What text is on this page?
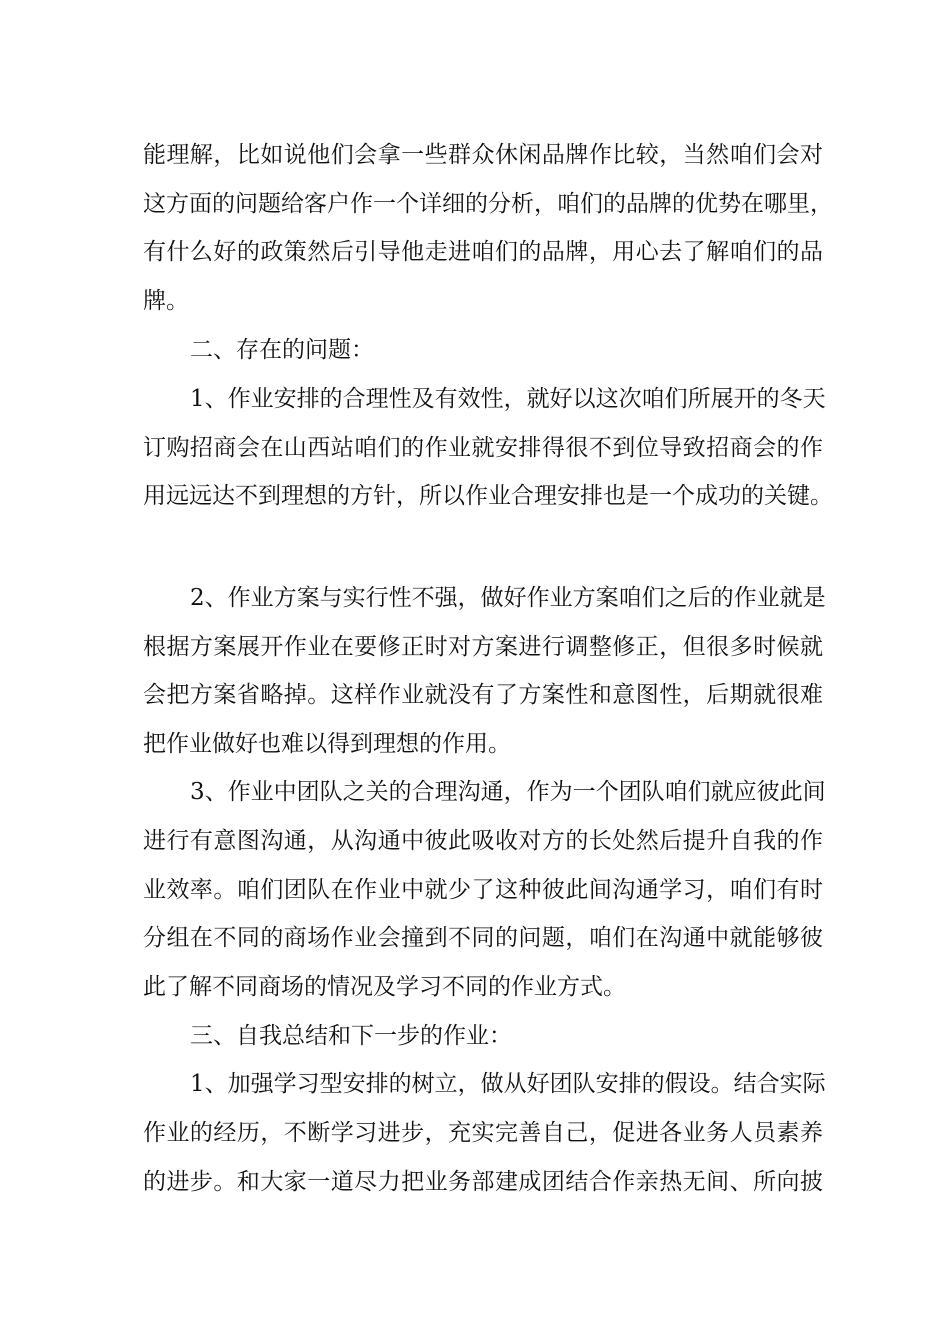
能理解，比如说他们会拿一些群众休闲品牌作比较，当然咱们会对
这方面的问题给客户作一个详细的分析，咱们的品牌的优势在哪里，
有什么好的政策然后引导他走进咱们的品牌，用心去了解咱们的品
牌。
二、存在的问题：
1、作业安排的合理性及有效性，就好以这次咱们所展开的冬天
订购招商会在山西站咱们的作业就安排得很不到位导致招商会的作
用远远达不到理想的方针，所以作业合理安排也是一个成功的关键。
2、作业方案与实行性不强，做好作业方案咱们之后的作业就是
根据方案展开作业在要修正时对方案进行调整修正，但很多时候就
会把方案省略掉。这样作业就没有了方案性和意图性，后期就很难
把作业做好也难以得到理想的作用。
3、作业中团队之关的合理沟通，作为一个团队咱们就应彼此间
进行有意图沟通，从沟通中彼此吸收对方的长处然后提升自我的作
业效率。咱们团队在作业中就少了这种彼此间沟通学习，咱们有时
分组在不同的商场作业会撞到不同的问题，咱们在沟通中就能够彼
此了解不同商场的情况及学习不同的作业方式。
三、自我总结和下一步的作业：
1、加强学习型安排的树立，做从好团队安排的假设。结合实际
作业的经历，不断学习进步，充实完善自己，促进各业务人员素养
的进步。和大家一道尽力把业务部建成团结合作亲热无间、所向披
